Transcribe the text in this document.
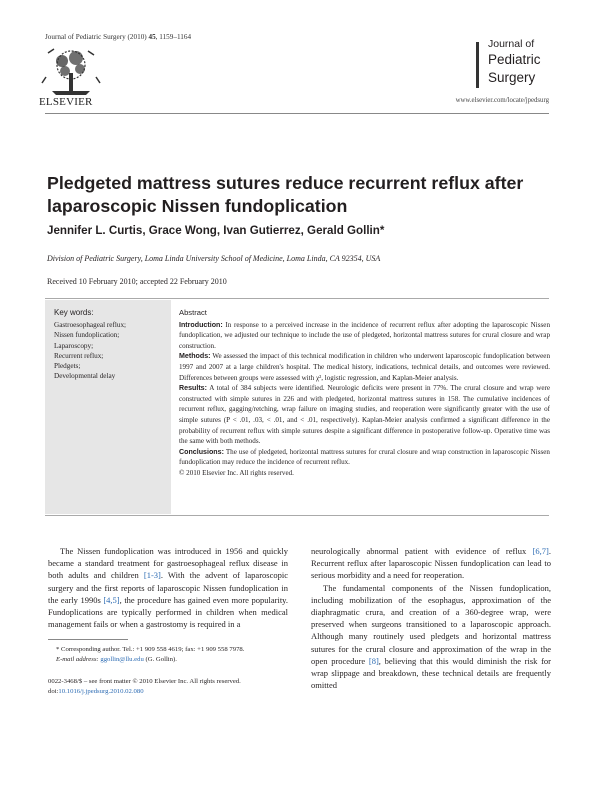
Journal of Pediatric Surgery (2010) 45, 1159–1164
ELSEVIER
Journal of
Pediatric
Surgery
www.elsevier.com/locate/jpedsurg
Pledgeted mattress sutures reduce recurrent reflux after laparoscopic Nissen fundoplication
Jennifer L. Curtis, Grace Wong, Ivan Gutierrez, Gerald Gollin*
Division of Pediatric Surgery, Loma Linda University School of Medicine, Loma Linda, CA 92354, USA
Received 10 February 2010; accepted 22 February 2010
Key words:
Gastroesophageal reflux;
Nissen fundoplication;
Laparoscopy;
Recurrent reflux;
Pledgets;
Developmental delay
Abstract

Introduction: In response to a perceived increase in the incidence of recurrent reflux after adopting the laparoscopic Nissen fundoplication, we adjusted our technique to include the use of pledgeted, horizontal mattress sutures for crural closure and wrap construction.

Methods: We assessed the impact of this technical modification in children who underwent laparoscopic fundoplication between 1997 and 2007 at a large children's hospital. The medical history, indications, technical details, and outcomes were reviewed. Differences between groups were assessed with χ², logistic regression, and Kaplan-Meier analysis.

Results: A total of 384 subjects were identified. Neurologic deficits were present in 77%. The crural closure and wrap were constructed with simple sutures in 226 and with pledgeted, horizontal mattress sutures in 158. The cumulative incidences of recurrent reflux, gagging/retching, wrap failure on imaging studies, and reoperation were significantly greater with the use of simple sutures (P < .01, .03, < .01, and < .01, respectively). Kaplan-Meier analysis confirmed a significant difference in the probability of recurrent reflux with simple sutures despite a significant difference in postoperative follow-up. Operative time was the same with both methods.

Conclusions: The use of pledgeted, horizontal mattress sutures for crural closure and wrap construction in laparoscopic Nissen fundoplication may reduce the incidence of recurrent reflux.

© 2010 Elsevier Inc. All rights reserved.

The Nissen fundoplication was introduced in 1956 and quickly became a standard treatment for gastroesophageal reflux disease in both adults and children [1-3]. With the advent of laparoscopic surgery and the first reports of laparoscopic Nissen fundoplication in the early 1990s [4,5], the procedure has gained even more popularity. Fundoplications are typically performed in children when medical management fails or when a gastrostomy is required in a

neurologically abnormal patient with evidence of reflux [6,7]. Recurrent reflux after laparoscopic Nissen fundoplication can lead to serious morbidity and a need for reoperation.

The fundamental components of the Nissen fundoplication, including mobilization of the esophagus, approximation of the diaphragmatic crura, and creation of a 360-degree wrap, were preserved when surgeons transitioned to a laparoscopic approach. Although many routinely used pledgets and horizontal mattress sutures for the crural closure and approximation of the wrap in the open procedure [8], believing that this would diminish the risk for wrap slippage and breakdown, these technical details are frequently omitted

* Corresponding author. Tel.: +1 909 558 4619; fax: +1 909 558 7978.
E-mail address: ggollin@llu.edu (G. Gollin).
0022-3468/$ – see front matter © 2010 Elsevier Inc. All rights reserved.
doi:10.1016/j.jpedsurg.2010.02.080
